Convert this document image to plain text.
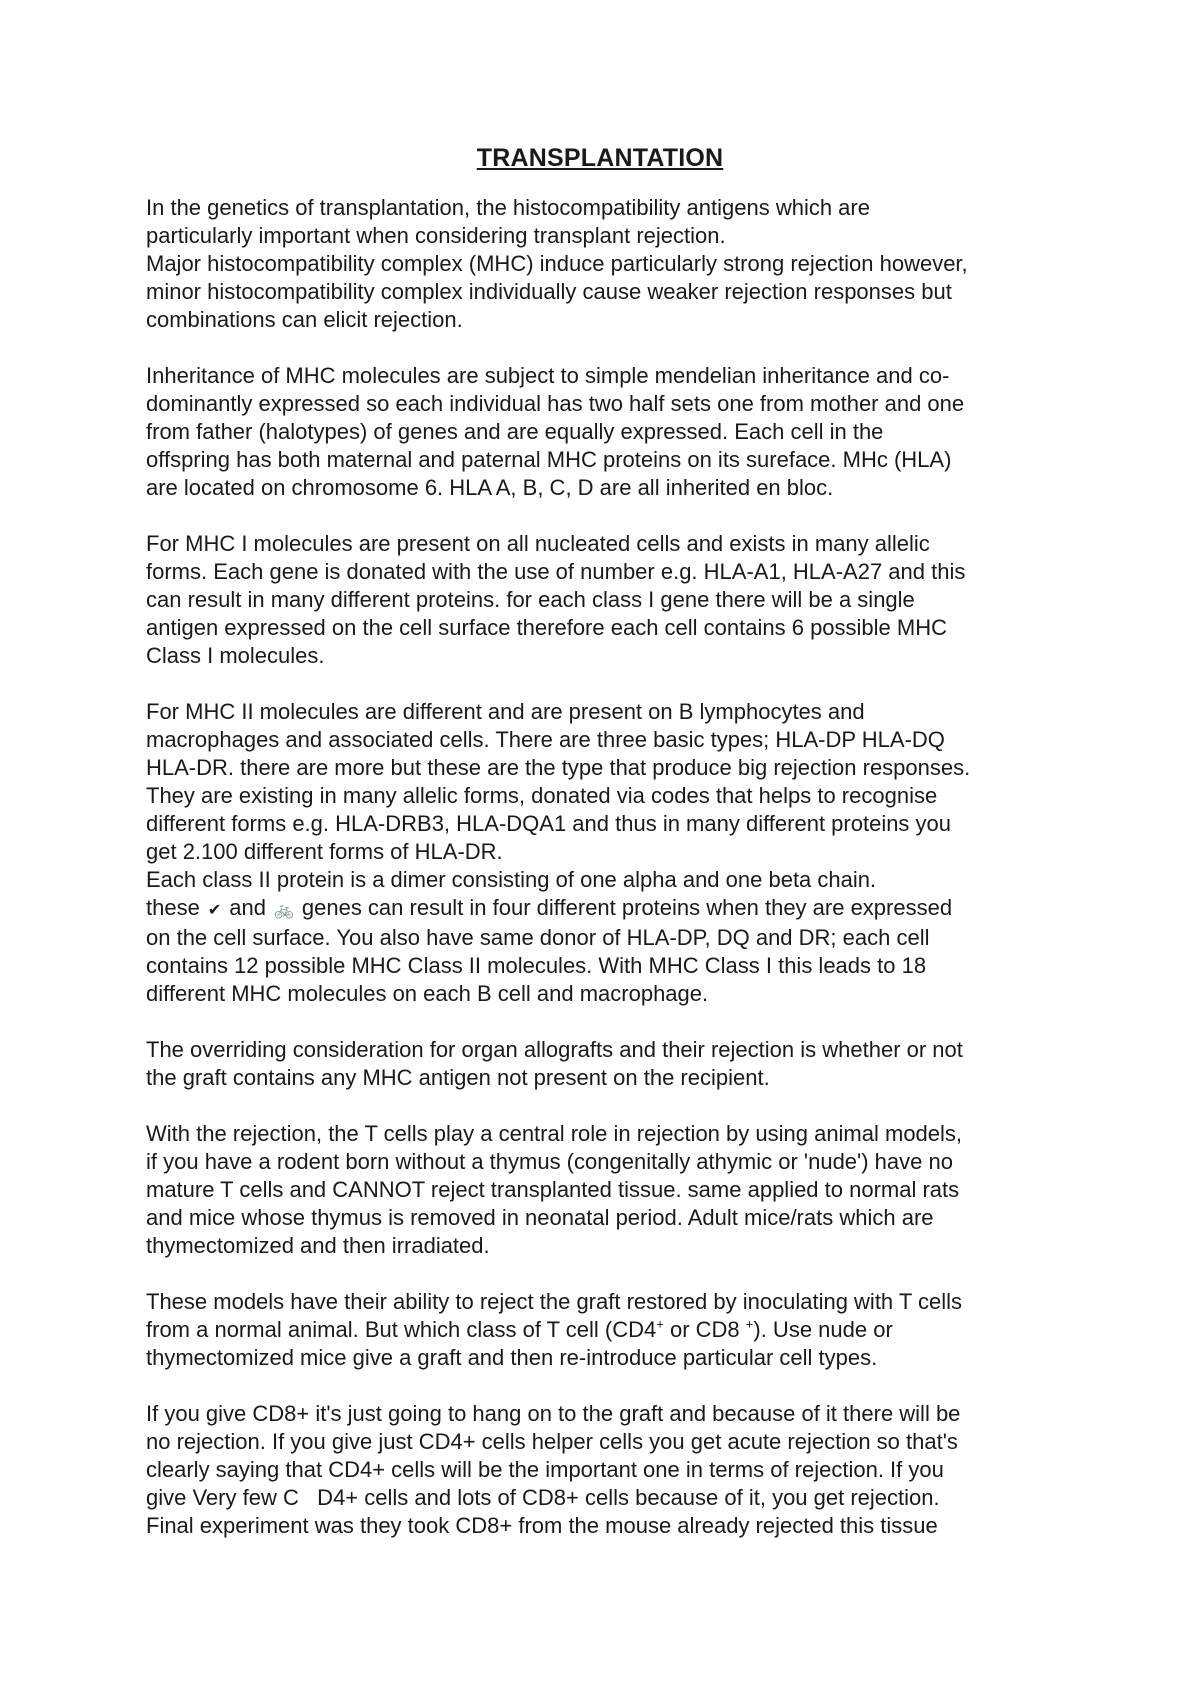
TRANSPLANTATION

In the genetics of transplantation, the histocompatibility antigens which are
particularly important when considering transplant rejection.
Major histocompatibility complex (MHC) induce particularly strong rejection however,
minor histocompatibility complex individually cause weaker rejection responses but
combinations can elicit rejection.

Inheritance of MHC molecules are subject to simple mendelian inheritance and co-
dominantly expressed so each individual has two half sets one from mother and one
from father (halotypes) of genes and are equally expressed. Each cell in the
offspring has both maternal and paternal MHC proteins on its sureface. MHc (HLA)
are located on chromosome 6. HLA A, B, C, D are all inherited en bloc.

For MHC I molecules are present on all nucleated cells and exists in many allelic
forms. Each gene is donated with the use of number e.g. HLA-A1, HLA-A27 and this
can result in many different proteins. for each class I gene there will be a single
antigen expressed on the cell surface therefore each cell contains 6 possible MHC
Class I molecules.

For MHC II molecules are different and are present on B lymphocytes and
macrophages and associated cells. There are three basic types; HLA-DP HLA-DQ
HLA-DR. there are more but these are the type that produce big rejection responses.
They are existing in many allelic forms, donated via codes that helps to recognise
different forms e.g. HLA-DRB3, HLA-DQA1 and thus in many different proteins you
get 2.100 different forms of HLA-DR.
Each class II protein is a dimer consisting of one alpha and one beta chain.
these ✔ and 🚲 genes can result in four different proteins when they are expressed
on the cell surface. You also have same donor of HLA-DP, DQ and DR; each cell
contains 12 possible MHC Class II molecules. With MHC Class I this leads to 18
different MHC molecules on each B cell and macrophage.

The overriding consideration for organ allografts and their rejection is whether or not
the graft contains any MHC antigen not present on the recipient.

With the rejection, the T cells play a central role in rejection by using animal models,
if you have a rodent born without a thymus (congenitally athymic or 'nude') have no
mature T cells and CANNOT reject transplanted tissue. same applied to normal rats
and mice whose thymus is removed in neonatal period. Adult mice/rats which are
thymectomized and then irradiated.

These models have their ability to reject the graft restored by inoculating with T cells
from a normal animal. But which class of T cell (CD4+ or CD8 +). Use nude or
thymectomized mice give a graft and then re-introduce particular cell types.

If you give CD8+ it's just going to hang on to the graft and because of it there will be
no rejection. If you give just CD4+ cells helper cells you get acute rejection so that's
clearly saying that CD4+ cells will be the important one in terms of rejection. If you
give Very few C   D4+ cells and lots of CD8+ cells because of it, you get rejection.
Final experiment was they took CD8+ from the mouse already rejected this tissue
